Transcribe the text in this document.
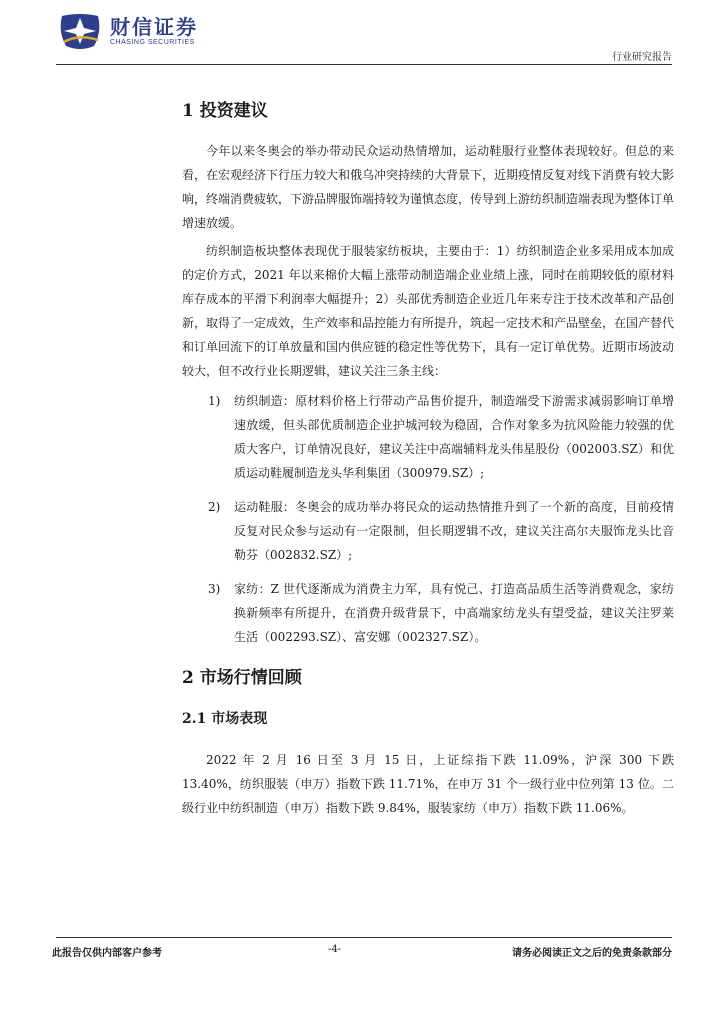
财信证券
CHASING SECURITIES
行业研究报告
1 投资建议

今年以来冬奥会的举办带动民众运动热情增加，运动鞋服行业整体表现较好。但总的来看，在宏观经济下行压力较大和俄乌冲突持续的大背景下，近期疫情反复对线下消费有较大影响，终端消费疲软，下游品牌服饰端持较为谨慎态度，传导到上游纺织制造端表现为整体订单增速放缓。

纺织制造板块整体表现优于服装家纺板块，主要由于：1）纺织制造企业多采用成本加成的定价方式，2021 年以来棉价大幅上涨带动制造端企业业绩上涨，同时在前期较低的原材料库存成本的平滑下利润率大幅提升；2）头部优秀制造企业近几年来专注于技术改革和产品创新，取得了一定成效，生产效率和品控能力有所提升，筑起一定技术和产品壁垒，在国产替代和订单回流下的订单放量和国内供应链的稳定性等优势下，具有一定订单优势。近期市场波动较大，但不改行业长期逻辑，建议关注三条主线：

1)	纺织制造：原材料价格上行带动产品售价提升，制造端受下游需求减弱影响订单增速放缓，但头部优质制造企业护城河较为稳固，合作对象多为抗风险能力较强的优质大客户，订单情况良好，建议关注中高端辅料龙头伟星股份（002003.SZ）和优质运动鞋履制造龙头华利集团（300979.SZ）;
2)	运动鞋服：冬奥会的成功举办将民众的运动热情推升到了一个新的高度，目前疫情反复对民众参与运动有一定限制，但长期逻辑不改，建议关注高尔夫服饰龙头比音勒芬（002832.SZ）;
3)	家纺：Z 世代逐渐成为消费主力军，具有悦己、打造高品质生活等消费观念，家纺换新频率有所提升，在消费升级背景下，中高端家纺龙头有望受益，建议关注罗莱生活（002293.SZ）、富安娜（002327.SZ）。
2 市场行情回顾
2.1 市场表现

2022 年 2 月 16 日至 3 月 15 日，上证综指下跌 11.09%，沪深 300 下跌 13.40%，纺织服装（申万）指数下跌 11.71%，在申万 31 个一级行业中位列第 13 位。二级行业中纺织制造（申万）指数下跌 9.84%，服装家纺（申万）指数下跌 11.06%。

此报告仅供内部客户参考	-4-	请务必阅读正文之后的免责条款部分
